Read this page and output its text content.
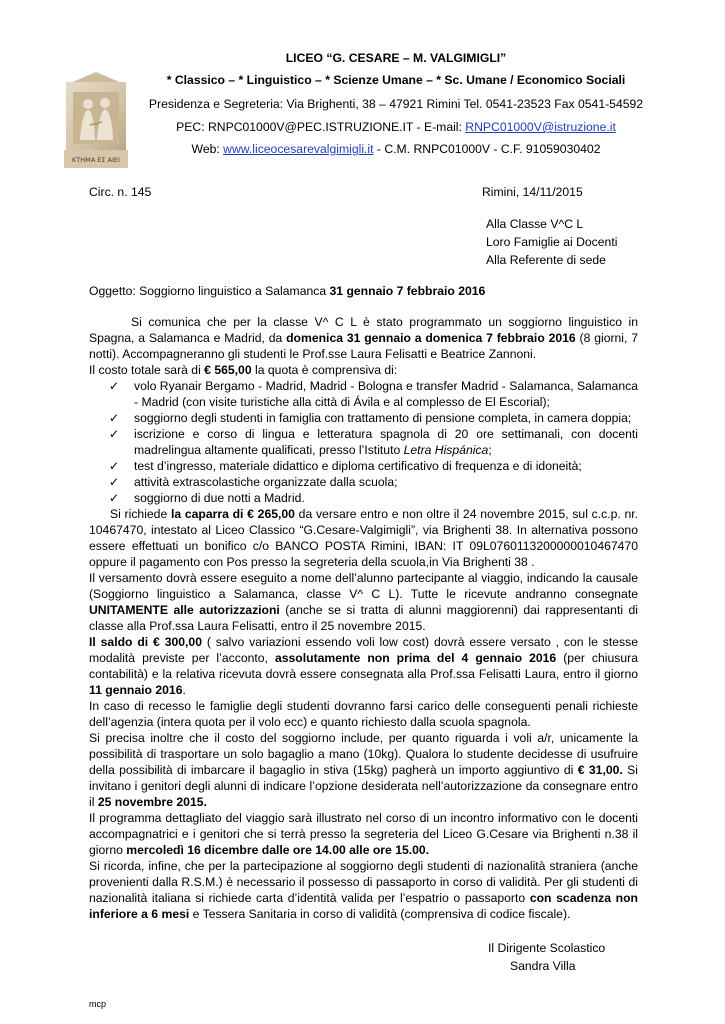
ΚΤΗΜΑ ΕΣ ΑΙΕΙ
LICEO “G. CESARE – M. VALGIMIGLI”
* Classico – * Linguistico – * Scienze Umane – * Sc. Umane / Economico Sociali
Presidenza e Segreteria: Via Brighenti, 38 – 47921 Rimini Tel. 0541-23523 Fax 0541-54592
PEC: RNPC01000V@PEC.ISTRUZIONE.IT - E-mail: RNPC01000V@istruzione.it
Web: www.liceocesarevalgimigli.it - C.M. RNPC01000V - C.F. 91059030402
Circ. n. 145	Rimini, 14/11/2015
Alla Classe V^C L
Loro Famiglie ai Docenti
Alla Referente di sede
Oggetto: Soggiorno linguistico a Salamanca 31 gennaio 7 febbraio 2016

Si comunica che per la classe V^ C L è stato programmato un soggiorno linguistico in Spagna, a Salamanca e Madrid, da domenica 31 gennaio a domenica 7 febbraio 2016 (8 giorni, 7 notti). Accompagneranno gli studenti le Prof.sse Laura Felisatti e Beatrice Zannoni.

Il costo totale sarà di € 565,00 la quota è comprensiva di:

✓ volo Ryanair Bergamo - Madrid, Madrid - Bologna e transfer Madrid - Salamanca, Salamanca - Madrid (con visite turistiche alla città di Ávila e al complesso de El Escorial);
✓ soggiorno degli studenti in famiglia con trattamento di pensione completa, in camera doppia;
✓ iscrizione e corso di lingua e letteratura spagnola di 20 ore settimanali, con docenti madrelingua altamente qualificati, presso l’Istituto Letra Hispánica;
✓ test d’ingresso, materiale didattico e diploma certificativo di frequenza e di idoneità;
✓ attività extrascolastiche organizzate dalla scuola;
✓ soggiorno di due notti a Madrid.

Si richiede la caparra di € 265,00 da versare entro e non oltre il 24 novembre 2015, sul c.c.p. nr. 10467470, intestato al Liceo Classico “G.Cesare-Valgimigli”, via Brighenti 38. In alternativa possono essere effettuati un bonifico c/o BANCO POSTA Rimini, IBAN: IT 09L0760113200000010467470 oppure il pagamento con Pos presso la segreteria della scuola,in Via Brighenti 38 .

Il versamento dovrà essere eseguito a nome dell’alunno partecipante al viaggio, indicando la causale (Soggiorno linguistico a Salamanca, classe V^ C L). Tutte le ricevute andranno consegnate UNITAMENTE alle autorizzazioni (anche se si tratta di alunni maggiorenni) dai rappresentanti di classe alla Prof.ssa Laura Felisatti, entro il 25 novembre 2015.

Il saldo di € 300,00 ( salvo variazioni essendo voli low cost) dovrà essere versato , con le stesse modalità previste per l’acconto, assolutamente non prima del 4 gennaio 2016 (per chiusura contabilità) e la relativa ricevuta dovrà essere consegnata alla Prof.ssa Felisatti Laura, entro il giorno 11 gennaio 2016.

In caso di recesso le famiglie degli studenti dovranno farsi carico delle conseguenti penali richieste dell’agenzia (intera quota per il volo ecc) e quanto richiesto dalla scuola spagnola.

Si precisa inoltre che il costo del soggiorno include, per quanto riguarda i voli a/r, unicamente la possibilità di trasportare un solo bagaglio a mano (10kg). Qualora lo studente decidesse di usufruire della possibilità di imbarcare il bagaglio in stiva (15kg) pagherà un importo aggiuntivo di € 31,00. Si invitano i genitori degli alunni di indicare l’opzione desiderata nell’autorizzazione da consegnare entro il 25 novembre 2015.

Il programma dettagliato del viaggio sarà illustrato nel corso di un incontro informativo con le docenti accompagnatrici e i genitori che si terrà presso la segreteria del Liceo G.Cesare via Brighenti n.38 il giorno mercoledì 16 dicembre dalle ore 14.00 alle ore 15.00.

Si ricorda, infine, che per la partecipazione al soggiorno degli studenti di nazionalità straniera (anche provenienti dalla R.S.M.) è necessario il possesso di passaporto in corso di validità. Per gli studenti di nazionalità italiana si richiede carta d’identità valida per l’espatrio o passaporto con scadenza non inferiore a 6 mesi e Tessera Sanitaria in corso di validità (comprensiva di codice fiscale).

Il Dirigente Scolastico
Sandra Villa
mcp
